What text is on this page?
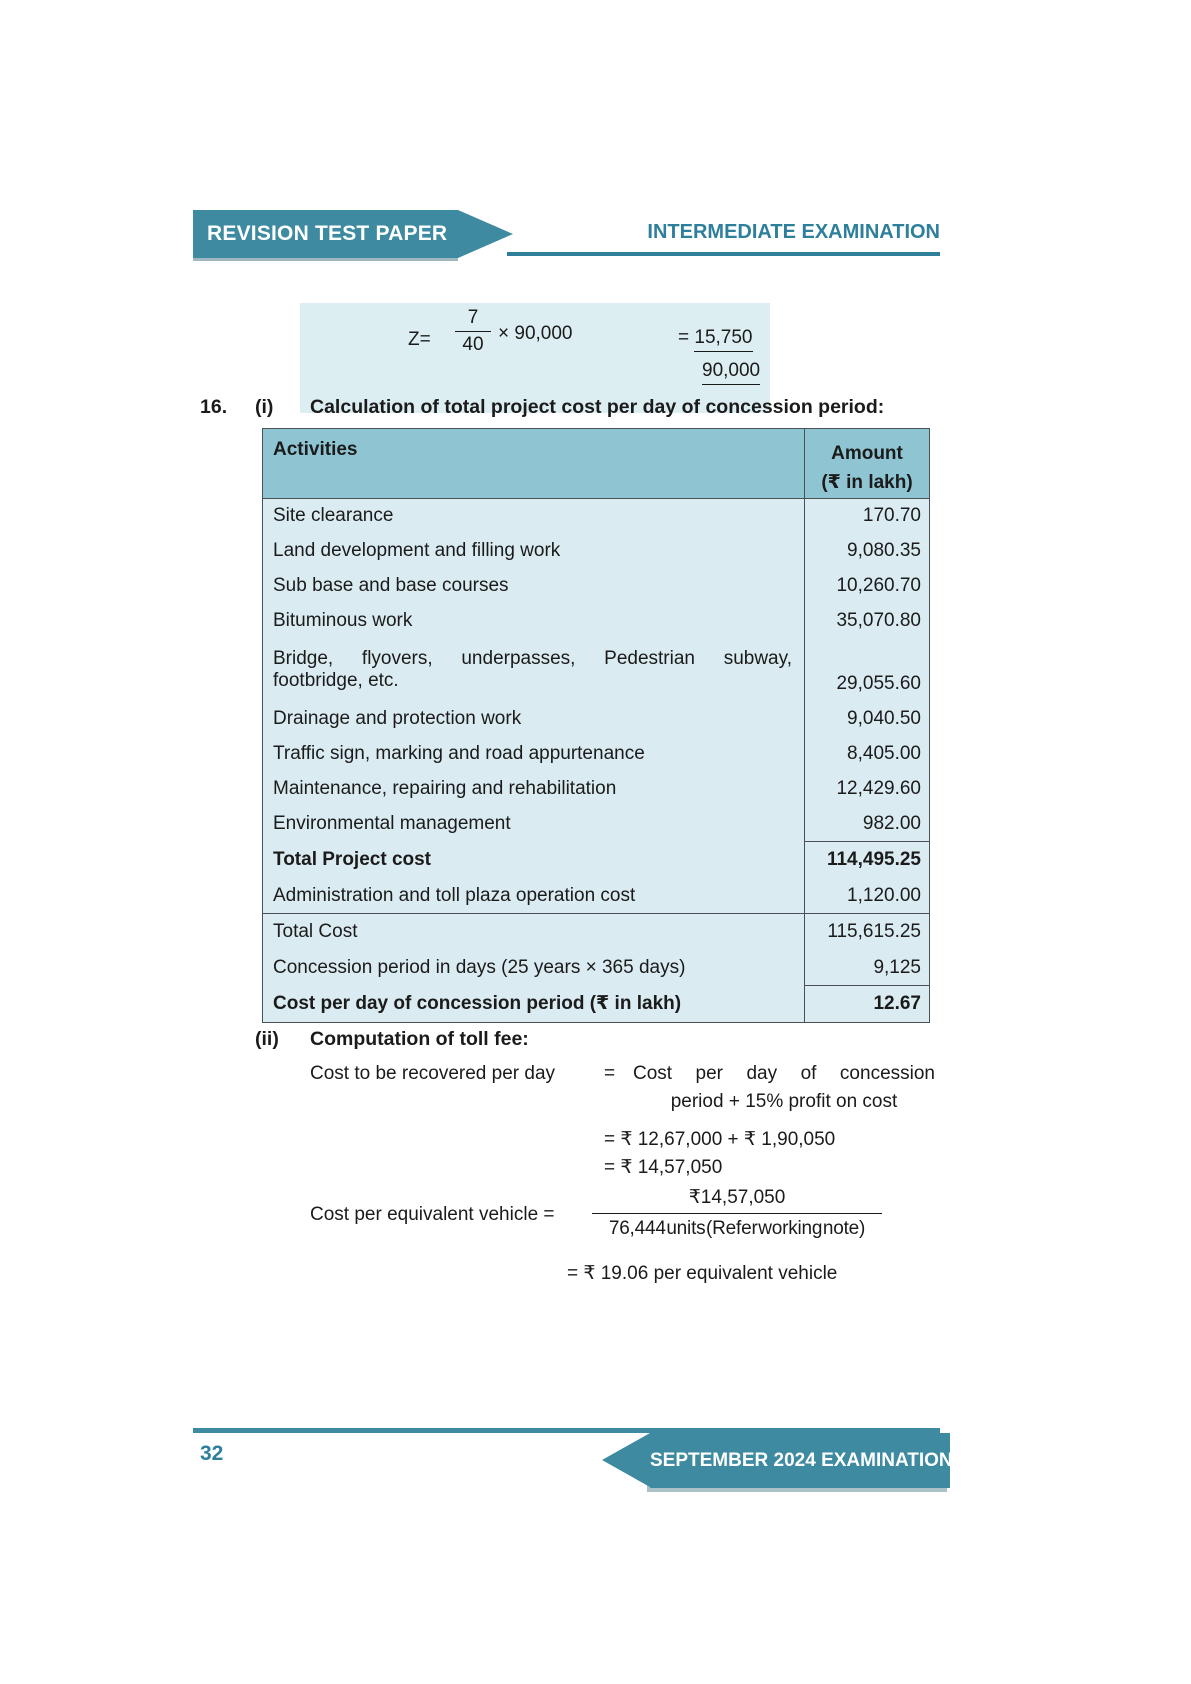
REVISION TEST PAPER	INTERMEDIATE EXAMINATION
$Z= \frac{7}{40} \times 90,000$	= 15,750
90,000
16. (i) Calculation of total project cost per day of concession period:
Activities	Amount
(₹ in lakh)
Site clearance	170.70
Land development and filling work	9,080.35
Sub base and base courses	10,260.70
Bituminous work	35,070.80
Bridge, flyovers, underpasses, Pedestrian subway, footbridge, etc.	29,055.60
Drainage and protection work	9,040.50
Traffic sign, marking and road appurtenance	8,405.00
Maintenance, repairing and rehabilitation	12,429.60
Environmental management	982.00
Total Project cost	114,495.25
Administration and toll plaza operation cost	1,120.00
Total Cost	115,615.25
Concession period in days (25 years × 365 days)	9,125
Cost per day of concession period (₹ in lakh)	12.67
(ii) Computation of toll fee:
Cost to be recovered per day	= Cost per day of concession
period + 15% profit on cost
= ₹ 12,67,000 + ₹ 1,90,050
= ₹ 14,57,050
Cost per equivalent vehicle =
₹14,57,050
76,444 units (Refer working note)
= ₹ 19.06 per equivalent vehicle
32	SEPTEMBER 2024 EXAMINATION
